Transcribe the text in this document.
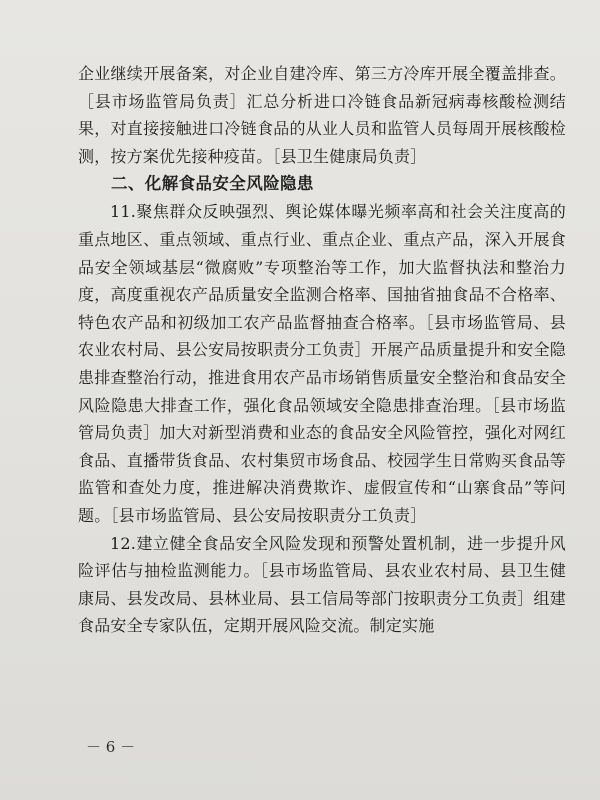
企业继续开展备案，对企业自建冷库、第三方冷库开展全覆盖排查。［县市场监管局负责］汇总分析进口冷链食品新冠病毒核酸检测结果，对直接接触进口冷链食品的从业人员和监管人员每周开展核酸检测，按方案优先接种疫苗。［县卫生健康局负责］

二、化解食品安全风险隐患

11.聚焦群众反映强烈、舆论媒体曝光频率高和社会关注度高的重点地区、重点领域、重点行业、重点企业、重点产品，深入开展食品安全领域基层“微腐败”专项整治等工作，加大监督执法和整治力度，高度重视农产品质量安全监测合格率、国抽省抽食品不合格率、特色农产品和初级加工农产品监督抽查合格率。［县市场监管局、县农业农村局、县公安局按职责分工负责］开展产品质量提升和安全隐患排查整治行动，推进食用农产品市场销售质量安全整治和食品安全风险隐患大排查工作，强化食品领域安全隐患排查治理。［县市场监管局负责］加大对新型消费和业态的食品安全风险管控，强化对网红食品、直播带货食品、农村集贸市场食品、校园学生日常购买食品等监管和查处力度，推进解决消费欺诈、虚假宣传和“山寨食品”等问题。［县市场监管局、县公安局按职责分工负责］

12.建立健全食品安全风险发现和预警处置机制，进一步提升风险评估与抽检监测能力。［县市场监管局、县农业农村局、县卫生健康局、县发改局、县林业局、县工信局等部门按职责分工负责］组建食品安全专家队伍，定期开展风险交流。制定实施

－ 6 －
